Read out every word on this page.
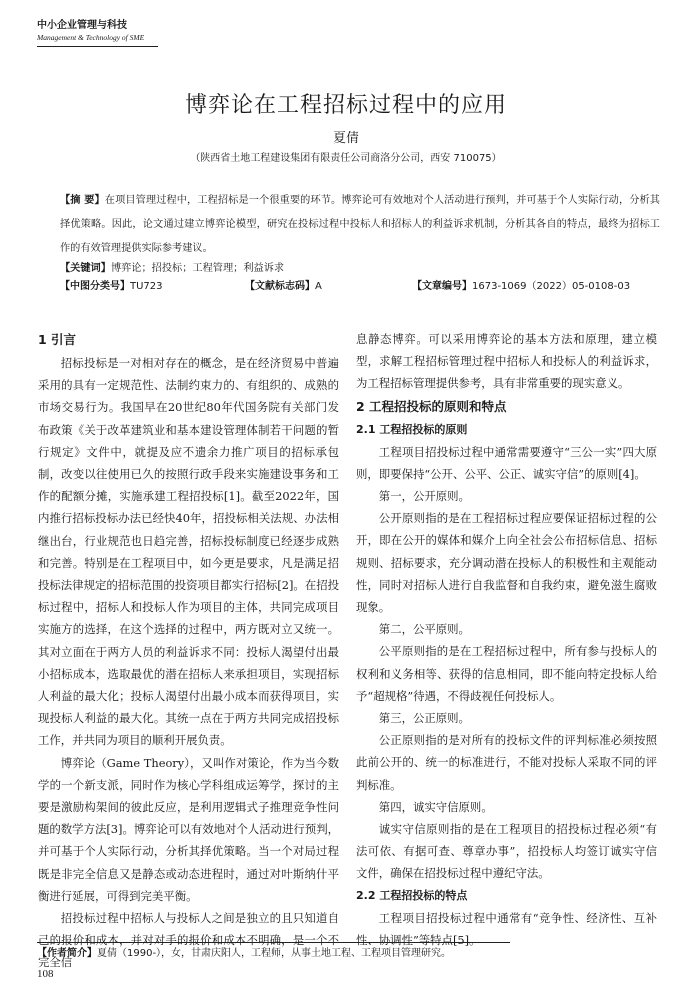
中小企业管理与科技
Management & Technology of SME
博弈论在工程招标过程中的应用
夏倩
（陕西省土地工程建设集团有限责任公司商洛分公司，西安 710075）
【摘 要】在项目管理过程中，工程招标是一个很重要的环节。博弈论可有效地对个人活动进行预判，并可基于个人实际行动，分析其择优策略。因此，论文通过建立博弈论模型，研究在投标过程中投标人和招标人的利益诉求机制，分析其各自的特点，最终为招标工作的有效管理提供实际参考建议。
【关键词】博弈论；招投标；工程管理；利益诉求
【中图分类号】TU723	【文献标志码】A	【文章编号】1673-1069（2022）05-0108-03
1 引言

招标投标是一对相对存在的概念，是在经济贸易中普遍采用的具有一定规范性、法制约束力的、有组织的、成熟的市场交易行为。我国早在20世纪80年代国务院有关部门发布政策《关于改革建筑业和基本建设管理体制若干问题的暂行规定》文件中，就提及应不遗余力推广项目的招标承包制，改变以往使用已久的按照行政手段来实施建设事务和工作的配额分摊，实施承建工程招投标[1]。截至2022年，国内推行招标投标办法已经快40年，招投标相关法规、办法相继出台，行业规范也日趋完善，招标投标制度已经逐步成熟和完善。特别是在工程项目中，如今更是要求，凡是满足招投标法律规定的招标范围的投资项目都实行招标[2]。在招投标过程中，招标人和投标人作为项目的主体，共同完成项目实施方的选择，在这个选择的过程中，两方既对立又统一。其对立面在于两方人员的利益诉求不同：投标人渴望付出最小招标成本，选取最优的潜在招标人来承担项目，实现招标人利益的最大化；投标人渴望付出最小成本而获得项目，实现投标人利益的最大化。其统一点在于两方共同完成招投标工作，并共同为项目的顺利开展负责。

博弈论（Game Theory），又叫作对策论，作为当今数学的一个新支派，同时作为核心学科组成运筹学，探讨的主要是激励构架间的彼此反应，是利用逻辑式子推理竞争性问题的数学方法[3]。博弈论可以有效地对个人活动进行预判，并可基于个人实际行动，分析其择优策略。当一个对局过程既是非完全信息又是静态或动态进程时，通过对叶斯纳什平衡进行延展，可得到完美平衡。

招投标过程中招标人与投标人之间是独立的且只知道自己的报价和成本，并对对手的报价和成本不明确，是一个不完全信

息静态博弈。可以采用博弈论的基本方法和原理，建立模型，求解工程招标管理过程中招标人和投标人的利益诉求，为工程招标管理提供参考，具有非常重要的现实意义。

2 工程招投标的原则和特点
2.1 工程招投标的原则

工程项目招投标过程中通常需要遵守“三公一实”四大原则，即要保持“公开、公平、公正、诚实守信”的原则[4]。

第一，公开原则。

公开原则指的是在工程招标过程应要保证招标过程的公开，即在公开的媒体和媒介上向全社会公布招标信息、招标规则、招标要求，充分调动潜在投标人的积极性和主观能动性，同时对招标人进行自我监督和自我约束，避免滋生腐败现象。

第二，公平原则。

公平原则指的是在工程招标过程中，所有参与投标人的权利和义务相等、获得的信息相同，即不能向特定投标人给予“超规格”待遇，不得歧视任何投标人。

第三，公正原则。

公正原则指的是对所有的投标文件的评判标准必须按照此前公开的、统一的标准进行，不能对投标人采取不同的评判标准。

第四，诚实守信原则。

诚实守信原则指的是在工程项目的招投标过程必须“有法可依、有据可查、尊章办事”，招投标人均签订诚实守信文件，确保在招投标过程中遵纪守法。

2.2 工程招投标的特点

工程项目招投标过程中通常有“竞争性、经济性、互补性、协调性”等特点[5]。

【作者简介】夏倩（1990-），女，甘肃庆阳人，工程师，从事土地工程、工程项目管理研究。
108
